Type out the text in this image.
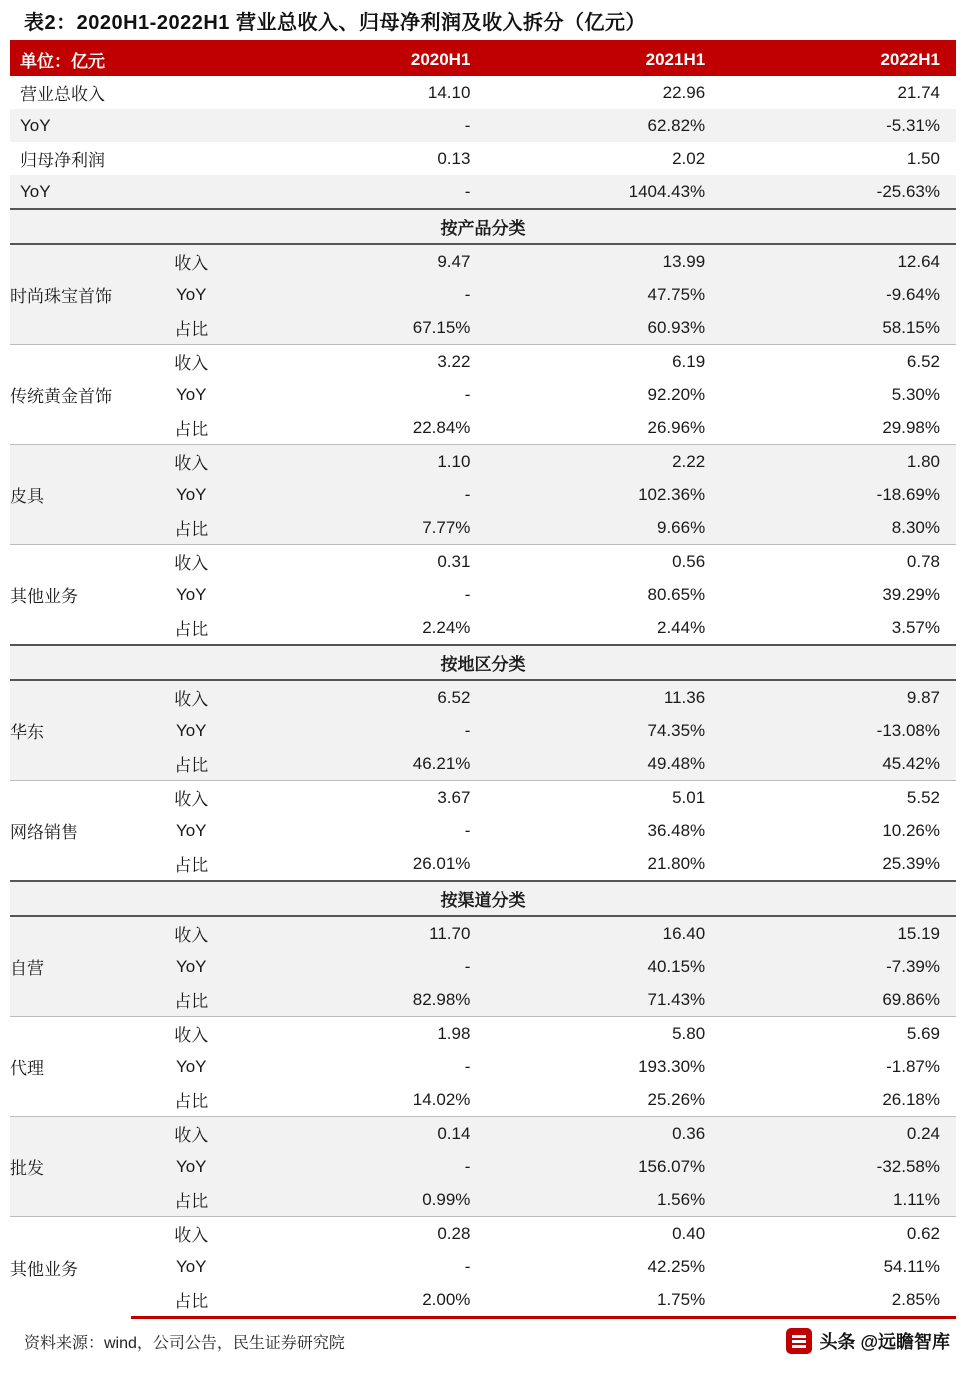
表2：2020H1-2022H1 营业总收入、归母净利润及收入拆分（亿元）
单位：亿元		2020H1	2021H1	2022H1
营业总收入		14.10	22.96	21.74
YoY		-	62.82%	-5.31%
归母净利润		0.13	2.02	1.50
YoY		-	1404.43%	-25.63%
按产品分类				
时尚珠宝首饰	收入	9.47	13.99	12.64
	YoY	-	47.75%	-9.64%
	占比	67.15%	60.93%	58.15%
传统黄金首饰	收入	3.22	6.19	6.52
	YoY	-	92.20%	5.30%
	占比	22.84%	26.96%	29.98%
皮具	收入	1.10	2.22	1.80
	YoY	-	102.36%	-18.69%
	占比	7.77%	9.66%	8.30%
其他业务	收入	0.31	0.56	0.78
	YoY	-	80.65%	39.29%
	占比	2.24%	2.44%	3.57%
按地区分类				
华东	收入	6.52	11.36	9.87
	YoY	-	74.35%	-13.08%
	占比	46.21%	49.48%	45.42%
网络销售	收入	3.67	5.01	5.52
	YoY	-	36.48%	10.26%
	占比	26.01%	21.80%	25.39%
按渠道分类				
自营	收入	11.70	16.40	15.19
	YoY	-	40.15%	-7.39%
	占比	82.98%	71.43%	69.86%
代理	收入	1.98	5.80	5.69
	YoY	-	193.30%	-1.87%
	占比	14.02%	25.26%	26.18%
批发	收入	0.14	0.36	0.24
	YoY	-	156.07%	-32.58%
	占比	0.99%	1.56%	1.11%
其他业务	收入	0.28	0.40	0.62
	YoY	-	42.25%	54.11%
	占比	2.00%	1.75%	2.85%
资料来源：wind，公司公告，民生证券研究院	头条 @远瞻智库
